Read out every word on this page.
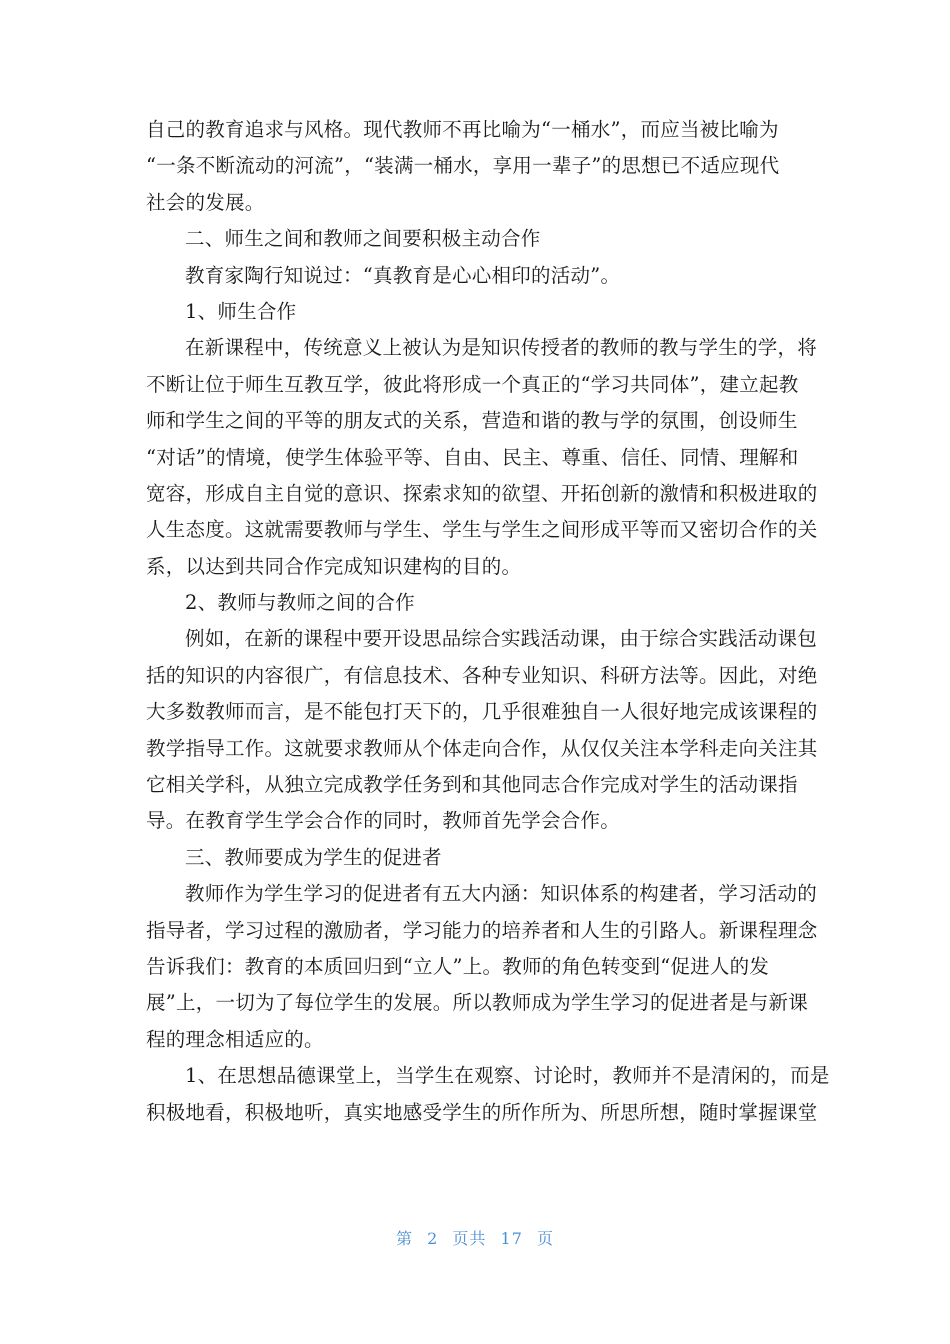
自己的教育追求与风格。现代教师不再比喻为“一桶水”，而应当被比喻为
“一条不断流动的河流”，“装满一桶水，享用一辈子”的思想已不适应现代
社会的发展。
二、师生之间和教师之间要积极主动合作
教育家陶行知说过：“真教育是心心相印的活动”。
1、师生合作
在新课程中，传统意义上被认为是知识传授者的教师的教与学生的学，将
不断让位于师生互教互学，彼此将形成一个真正的“学习共同体”，建立起教
师和学生之间的平等的朋友式的关系，营造和谐的教与学的氛围，创设师生
“对话”的情境，使学生体验平等、自由、民主、尊重、信任、同情、理解和
宽容，形成自主自觉的意识、探索求知的欲望、开拓创新的激情和积极进取的
人生态度。这就需要教师与学生、学生与学生之间形成平等而又密切合作的关
系，以达到共同合作完成知识建构的目的。
2、教师与教师之间的合作
例如，在新的课程中要开设思品综合实践活动课，由于综合实践活动课包
括的知识的内容很广，有信息技术、各种专业知识、科研方法等。因此，对绝
大多数教师而言，是不能包打天下的，几乎很难独自一人很好地完成该课程的
教学指导工作。这就要求教师从个体走向合作，从仅仅关注本学科走向关注其
它相关学科，从独立完成教学任务到和其他同志合作完成对学生的活动课指
导。在教育学生学会合作的同时，教师首先学会合作。
三、教师要成为学生的促进者
教师作为学生学习的促进者有五大内涵：知识体系的构建者，学习活动的
指导者，学习过程的激励者，学习能力的培养者和人生的引路人。新课程理念
告诉我们：教育的本质回归到“立人”上。教师的角色转变到“促进人的发
展”上，一切为了每位学生的发展。所以教师成为学生学习的促进者是与新课
程的理念相适应的。
1、在思想品德课堂上，当学生在观察、讨论时，教师并不是清闲的，而是
积极地看，积极地听，真实地感受学生的所作所为、所思所想，随时掌握课堂
第 2 页共 17 页
